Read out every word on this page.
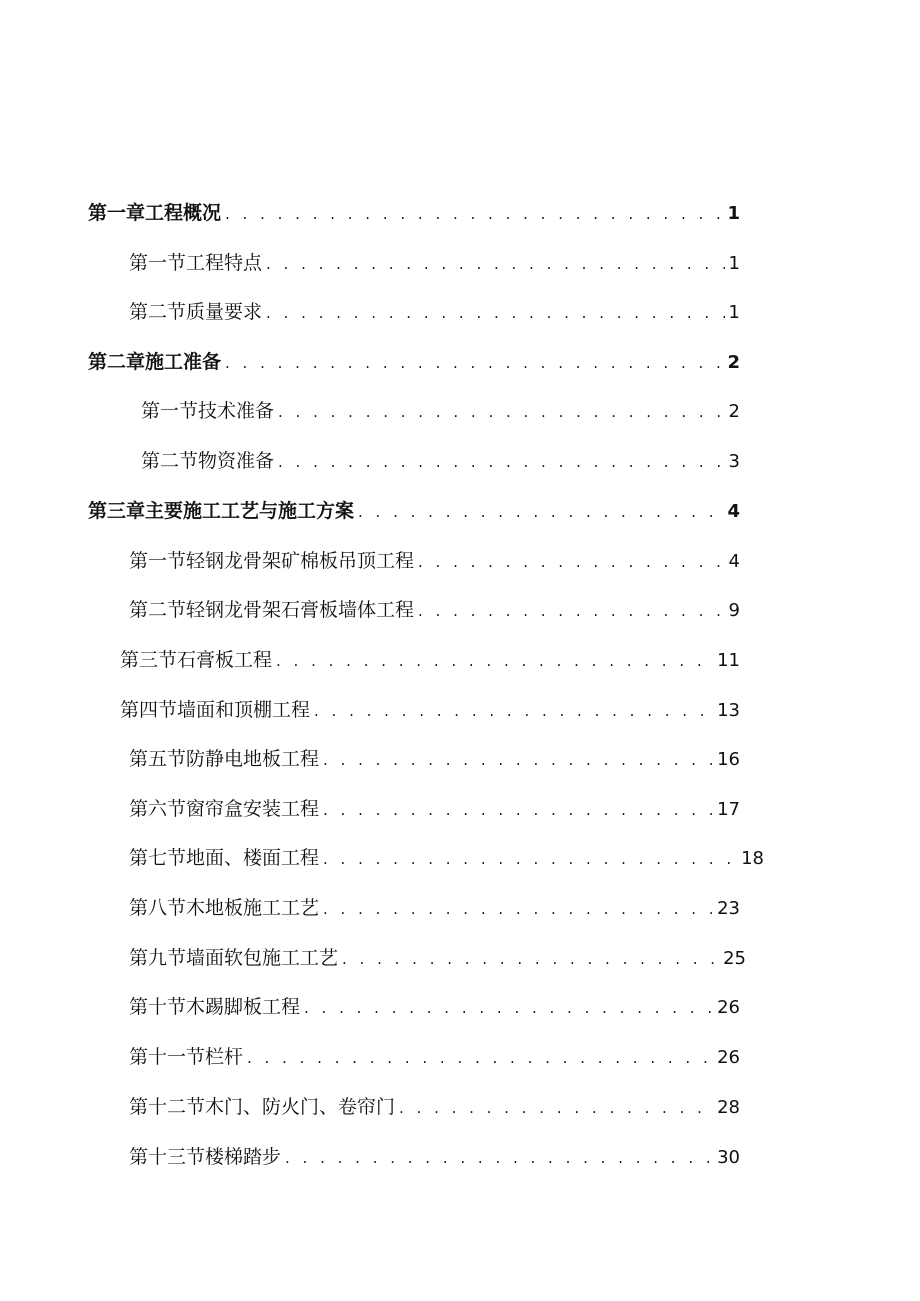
第一章工程概况 . . .	1
第一节工程特点 . . .	1
第二节质量要求 . . .	1
第二章施工准备 . . .	2
第一节技术准备 . . .	2
第二节物资准备 . . .	3
第三章主要施工工艺与施工方案 . . .	4
第一节轻钢龙骨架矿棉板吊顶工程 . . .	4
第二节轻钢龙骨架石膏板墙体工程 . . .	9
第三节石膏板工程 . . .	11
第四节墙面和顶棚工程 . . .	13
第五节防静电地板工程 . . .	16
第六节窗帘盒安装工程 . . .	17
第七节地面、楼面工程 . . .	18
第八节木地板施工工艺 . . .	23
第九节墙面软包施工工艺 . . .	25
第十节木踢脚板工程 . . .	26
第十一节栏杆 . . .	26
第十二节木门、防火门、卷帘门 . . .	28
第十三节楼梯踏步 . . .	30
